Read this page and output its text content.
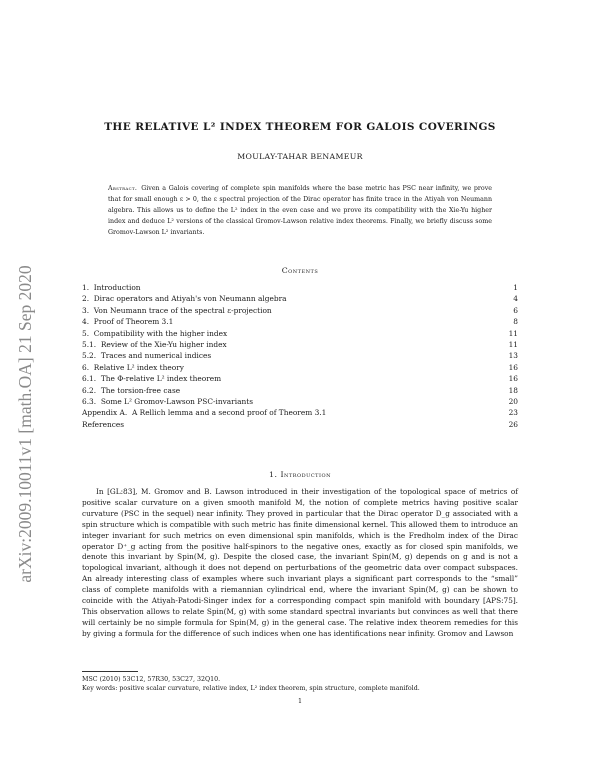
arXiv:2009.10011v1 [math.OA] 21 Sep 2020
THE RELATIVE L² INDEX THEOREM FOR GALOIS COVERINGS
MOULAY-TAHAR BENAMEUR
Abstract. Given a Galois covering of complete spin manifolds where the base metric has PSC near infinity, we prove that for small enough ε > 0, the ε spectral projection of the Dirac operator has finite trace in the Atiyah von Neumann algebra. This allows us to define the L² index in the even case and we prove its compatibility with the Xie-Yu higher index and deduce L² versions of the classical Gromov-Lawson relative index theorems. Finally, we briefly discuss some Gromov-Lawson L² invariants.
Contents
1. Introduction	1
2. Dirac operators and Atiyah's von Neumann algebra	4
3. Von Neumann trace of the spectral ε-projection	6
4. Proof of Theorem 3.1	8
5. Compatibility with the higher index	11
5.1. Review of the Xie-Yu higher index	11
5.2. Traces and numerical indices	13
6. Relative L² index theory	16
6.1. The Φ-relative L² index theorem	16
6.2. The torsion-free case	18
6.3. Some L² Gromov-Lawson PSC-invariants	20
Appendix A. A Rellich lemma and a second proof of Theorem 3.1	23
References	26
1. Introduction

In [GL:83], M. Gromov and B. Lawson introduced in their investigation of the topological space of metrics of positive scalar curvature on a given smooth manifold M, the notion of complete metrics having positive scalar curvature (PSC in the sequel) near infinity. They proved in particular that the Dirac operator D_g associated with a spin structure which is compatible with such metric has finite dimensional kernel. This allowed them to introduce an integer invariant for such metrics on even dimensional spin manifolds, which is the Fredholm index of the Dirac operator D⁺_g acting from the positive half-spinors to the negative ones, exactly as for closed spin manifolds, we denote this invariant by Spin(M, g). Despite the closed case, the invariant Spin(M, g) depends on g and is not a topological invariant, although it does not depend on perturbations of the geometric data over compact subspaces. An already interesting class of examples where such invariant plays a significant part corresponds to the “small” class of complete manifolds with a riemannian cylindrical end, where the invariant Spin(M, g) can be shown to coincide with the Atiyah-Patodi-Singer index for a corresponding compact spin manifold with boundary [APS:75]. This observation allows to relate Spin(M, g) with some standard spectral invariants but convinces as well that there will certainly be no simple formula for Spin(M, g) in the general case. The relative index theorem remedies for this by giving a formula for the difference of such indices when one has identifications near infinity. Gromov and Lawson

MSC (2010) 53C12, 57R30, 53C27, 32Q10.
Key words: positive scalar curvature, relative index, L² index theorem, spin structure, complete manifold.
1
